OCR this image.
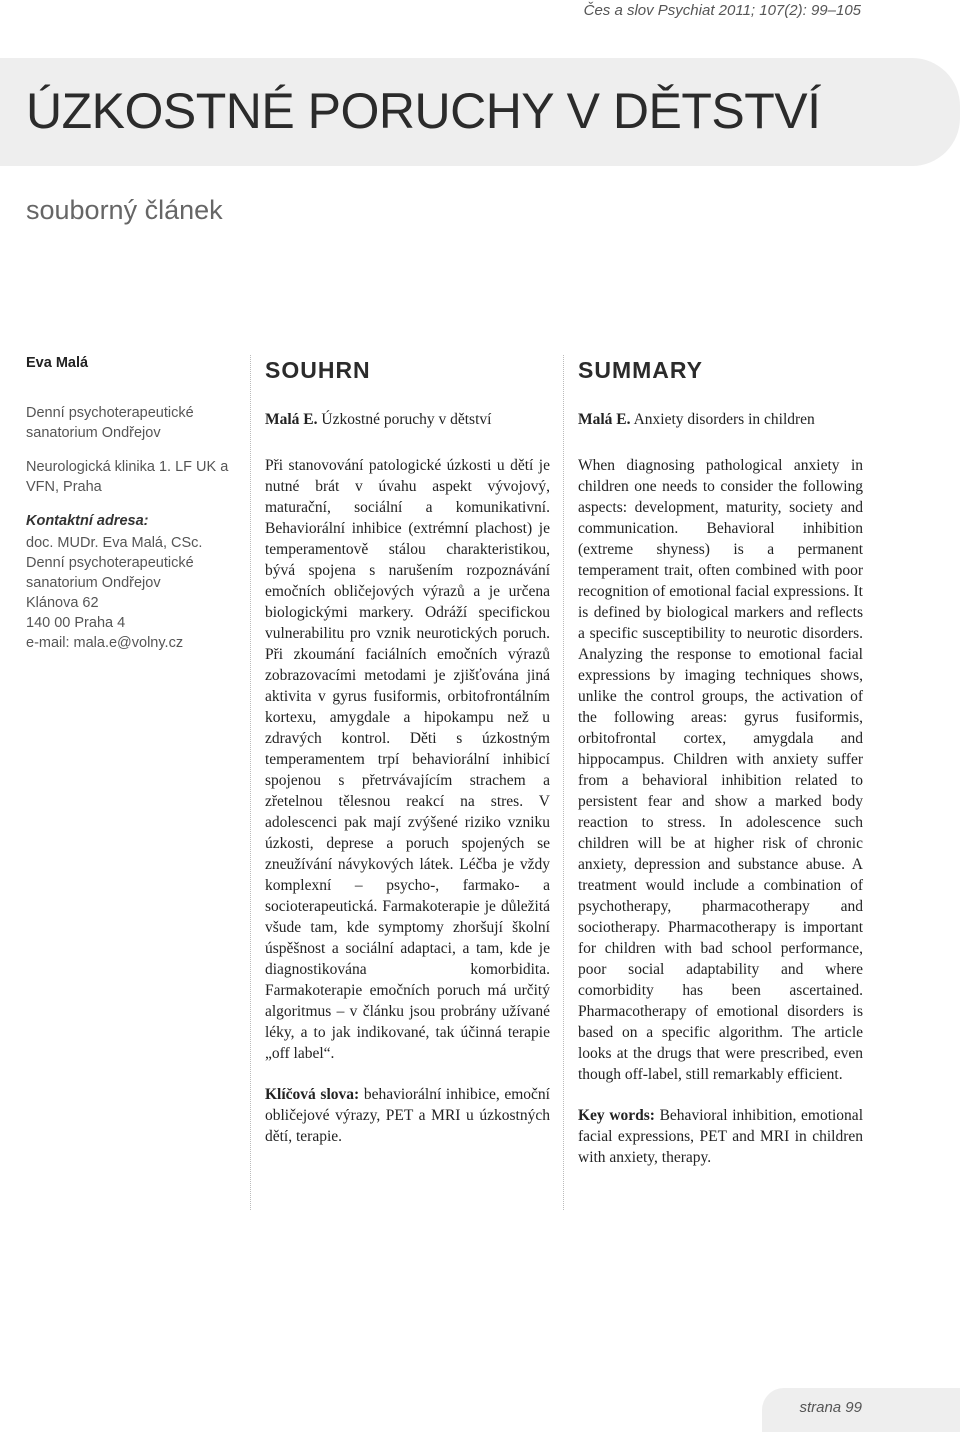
Čes a slov Psychiat 2011; 107(2): 99–105
ÚZKOSTNÉ PORUCHY V DĚTSTVÍ
souborný článek
Eva Malá
Denní psychoterapeutické sanatorium Ondřejov
Neurologická klinika 1. LF UK a VFN, Praha
Kontaktní adresa:

doc. MUDr. Eva Malá, CSc.

Denní psychoterapeutické

sanatorium Ondřejov

Klánova 62

140 00 Praha 4

e-mail: mala.e@volny.cz

SOUHRN

Malá E. Úzkostné poruchy v dětství

Při stanovování patologické úzkosti u dětí je nutné brát v úvahu aspekt vývojový, maturační, sociální a komunikativní. Behaviorální inhibice (extrémní plachost) je temperamentově stálou charakteristikou, bývá spojena s narušením rozpoznávání emočních obličejových výrazů a je určena biologickými markery. Odráží specifickou vulnerabilitu pro vznik neurotických poruch. Při zkoumání faciálních emočních výrazů zobrazovacími metodami je zjišťována jiná aktivita v gyrus fusiformis, orbitofrontálním kortexu, amygdale a hipokampu než u zdravých kontrol. Děti s úzkostným temperamentem trpí behaviorální inhibicí spojenou s přetrvávajícím strachem a zřetelnou tělesnou reakcí na stres. V adolescenci pak mají zvýšené riziko vzniku úzkosti, deprese a poruch spojených se zneužívání návykových látek. Léčba je vždy komplexní – psycho-, farmako- a socioterapeutická. Farmakoterapie je důležitá všude tam, kde symptomy zhoršují školní úspěšnost a sociální adaptaci, a tam, kde je diagnostikována komorbidita. Farmakoterapie emočních poruch má určitý algoritmus – v článku jsou probrány užívané léky, a to jak indikované, tak účinná terapie „off label“.

Klíčová slova: behaviorální inhibice, emoční obličejové výrazy, PET a MRI u úzkostných dětí, terapie.

SUMMARY

Malá E. Anxiety disorders in children

When diagnosing pathological anxiety in children one needs to consider the following aspects: development, maturity, society and communication. Behavioral inhibition (extreme shyness) is a permanent temperament trait, often combined with poor recognition of emotional facial expressions. It is defined by biological markers and reflects a specific susceptibility to neurotic disorders. Analyzing the response to emotional facial expressions by imaging techniques shows, unlike the control groups, the activation of the following areas: gyrus fusiformis, orbitofrontal cortex, amygdala and hippocampus. Children with anxiety suffer from a behavioral inhibition related to persistent fear and show a marked body reaction to stress. In adolescence such children will be at higher risk of chronic anxiety, depression and substance abuse. A treatment would include a combination of psychotherapy, pharmacotherapy and sociotherapy. Pharmacotherapy is important for children with bad school performance, poor social adaptability and where comorbidity has been ascertained. Pharmacotherapy of emotional disorders is based on a specific algorithm. The article looks at the drugs that were prescribed, even though off-label, still remarkably efficient.

Key words: Behavioral inhibition, emotional facial expressions, PET and MRI in children with anxiety, therapy.

strana 99
